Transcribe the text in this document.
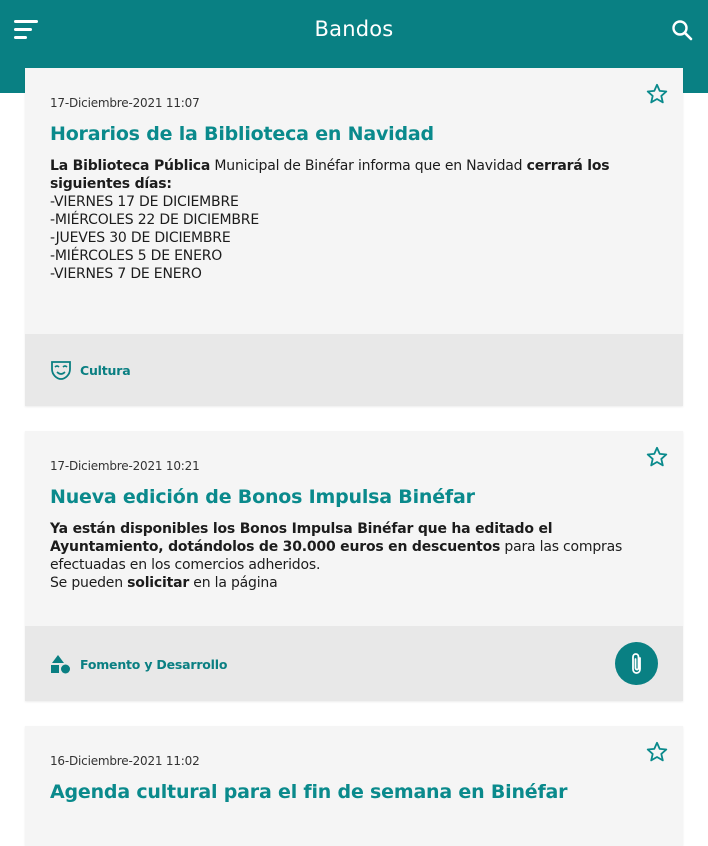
Bandos
17-Diciembre-2021 11:07
Horarios de la Biblioteca en Navidad
La Biblioteca Pública Municipal de Binéfar informa que en Navidad cerrará los siguientes días:
-VIERNES 17 DE DICIEMBRE
-MIÉRCOLES 22 DE DICIEMBRE
-JUEVES 30 DE DICIEMBRE
-MIÉRCOLES 5 DE ENERO
-VIERNES 7 DE ENERO
Cultura
17-Diciembre-2021 10:21
Nueva edición de Bonos Impulsa Binéfar
Ya están disponibles los Bonos Impulsa Binéfar que ha editado el Ayuntamiento, dotándolos de 30.000 euros en descuentos para las compras efectuadas en los comercios adheridos.
Se pueden solicitar en la página
Fomento y Desarrollo
16-Diciembre-2021 11:02
Agenda cultural para el fin de semana en Binéfar
